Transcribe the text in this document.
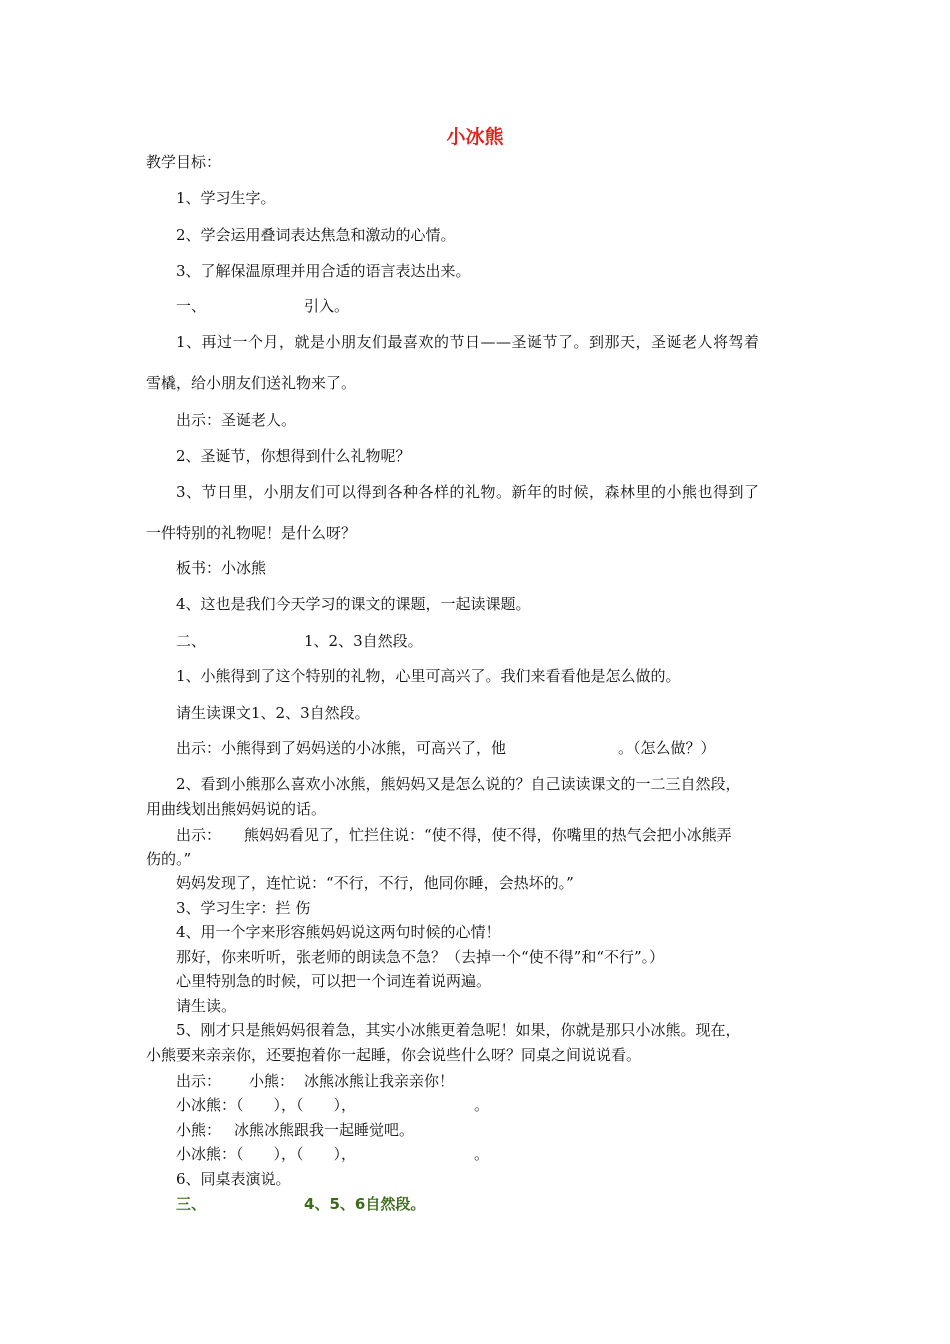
小冰熊
教学目标：
1、学习生字。
2、学会运用叠词表达焦急和激动的心情。
3、了解保温原理并用合适的语言表达出来。
一、	引入。
1、再过一个月，就是小朋友们最喜欢的节日——圣诞节了。到那天，圣诞老人将驾着
雪橇，给小朋友们送礼物来了。
出示：圣诞老人。
2、圣诞节，你想得到什么礼物呢？
3、节日里，小朋友们可以得到各种各样的礼物。新年的时候，森林里的小熊也得到了
一件特别的礼物呢！是什么呀？
板书：小冰熊
4、这也是我们今天学习的课文的课题，一起读课题。
二、	1、2、3自然段。
1、小熊得到了这个特别的礼物，心里可高兴了。我们来看看他是怎么做的。
请生读课文1、2、3自然段。
出示：小熊得到了妈妈送的小冰熊，可高兴了，他	。（怎么做？）
2、看到小熊那么喜欢小冰熊，熊妈妈又是怎么说的？自己读读课文的一二三自然段，
用曲线划出熊妈妈说的话。
出示： 熊妈妈看见了，忙拦住说：“使不得，使不得，你嘴里的热气会把小冰熊弄
伤的。”
妈妈发现了，连忙说：“不行，不行，他同你睡，会热坏的。”
3、学习生字：拦 伤
4、用一个字来形容熊妈妈说这两句时候的心情！
那好，你来听听，张老师的朗读急不急？（去掉一个“使不得”和“不行”。）
心里特别急的时候，可以把一个词连着说两遍。
请生读。
5、刚才只是熊妈妈很着急，其实小冰熊更着急呢！如果，你就是那只小冰熊。现在，
小熊要来亲亲你，还要抱着你一起睡，你会说些什么呀？同桌之间说说看。
出示： 小熊： 冰熊冰熊让我亲亲你！
小冰熊：（　　），（　　），	。
小熊： 冰熊冰熊跟我一起睡觉吧。
小冰熊：（　　），（　　），	。
6、同桌表演说。
三、	4、5、6自然段。
